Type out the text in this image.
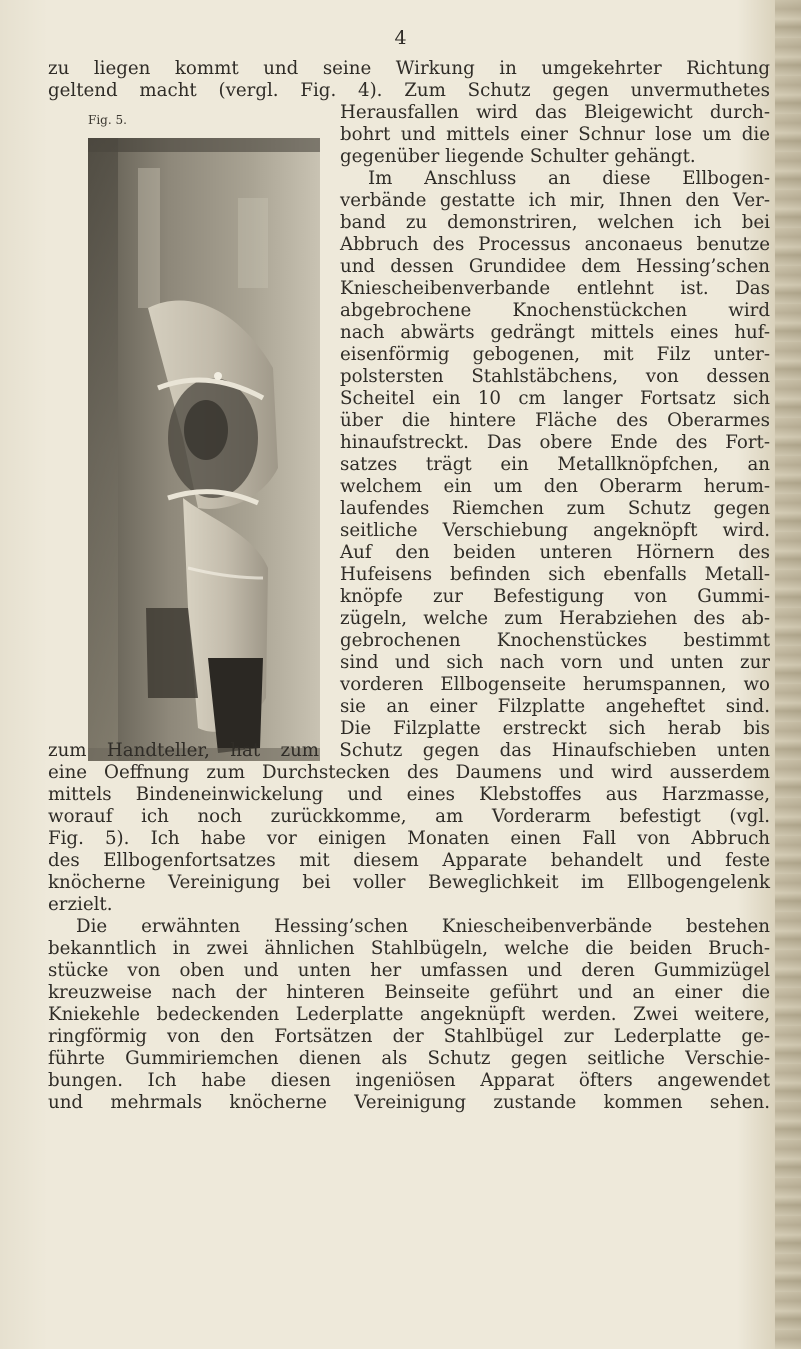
4
zu liegen kommt und seine Wirkung in umgekehrter Richtung
geltend macht (vergl. Fig. 4). Zum Schutz gegen unvermuthetes
Fig. 5.	Herausfallen wird das Bleigewicht durch-
bohrt und mittels einer Schnur lose um die
gegenüber liegende Schulter gehängt.
Im Anschluss an diese Ellbogen-
verbände gestatte ich mir, Ihnen den Ver-
band zu demonstriren, welchen ich bei
Abbruch des Processus anconaeus benutze
und dessen Grundidee dem Hessing’schen
Kniescheibenverbande entlehnt ist. Das
abgebrochene Knochenstückchen wird
nach abwärts gedrängt mittels eines huf-
eisenförmig gebogenen, mit Filz unter-
polstersten Stahlstäbchens, von dessen
Scheitel ein 10 cm langer Fortsatz sich
über die hintere Fläche des Oberarmes
hinaufstreckt. Das obere Ende des Fort-
satzes trägt ein Metallknöpfchen, an
welchem ein um den Oberarm herum-
laufendes Riemchen zum Schutz gegen
seitliche Verschiebung angeknöpft wird.
Auf den beiden unteren Hörnern des
Hufeisens befinden sich ebenfalls Metall-
knöpfe zur Befestigung von Gummi-
zügeln, welche zum Herabziehen des ab-
gebrochenen Knochenstückes bestimmt
sind und sich nach vorn und unten zur
vorderen Ellbogenseite herumspannen, wo
sie an einer Filzplatte angeheftet sind.
Die Filzplatte erstreckt sich herab bis
zum Handteller, hat zum Schutz gegen das Hinaufschieben unten
eine Oeffnung zum Durchstecken des Daumens und wird ausserdem
mittels Bindeneinwickelung und eines Klebstoffes aus Harzmasse,
worauf ich noch zurückkomme, am Vorderarm befestigt (vgl.
Fig. 5). Ich habe vor einigen Monaten einen Fall von Abbruch
des Ellbogenfortsatzes mit diesem Apparate behandelt und feste
knöcherne Vereinigung bei voller Beweglichkeit im Ellbogengelenk
erzielt.
Die erwähnten Hessing’schen Kniescheibenverbände bestehen
bekanntlich in zwei ähnlichen Stahlbügeln, welche die beiden Bruch-
stücke von oben und unten her umfassen und deren Gummizügel
kreuzweise nach der hinteren Beinseite geführt und an einer die
Kniekehle bedeckenden Lederplatte angeknüpft werden. Zwei weitere,
ringförmig von den Fortsätzen der Stahlbügel zur Lederplatte ge-
führte Gummiriemchen dienen als Schutz gegen seitliche Verschie-
bungen. Ich habe diesen ingeniösen Apparat öfters angewendet
und mehrmals knöcherne Vereinigung zustande kommen sehen.
